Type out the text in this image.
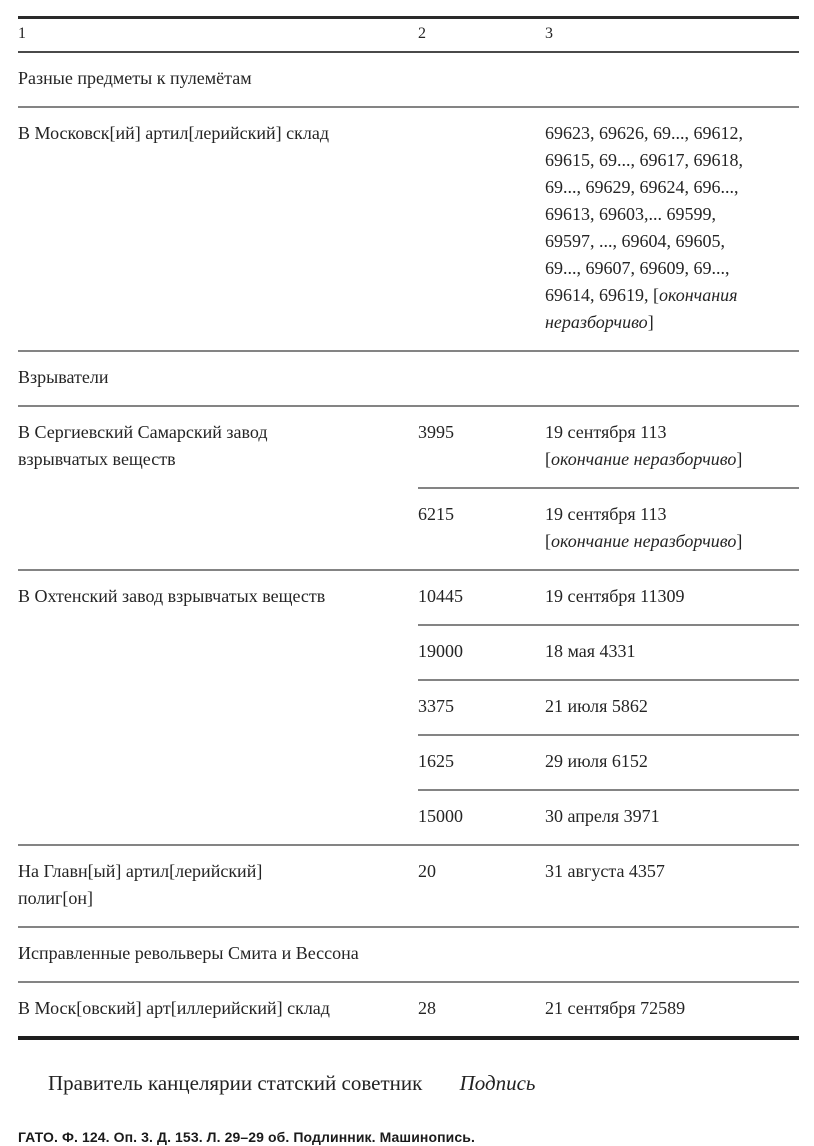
1	2	3
Разные предметы к пулемётам		
В Московск[ий] артил[лерийский] склад		69623, 69626, 69..., 69612,
69615, 69..., 69617, 69618,
69..., 69629, 69624, 696...,
69613, 69603,... 69599,
69597, ..., 69604, 69605,
69..., 69607, 69609, 69...,
69614, 69619, [окончания неразборчиво]
Взрыватели		
В Сергиевский Самарский завод
взрывчатых веществ	3995	19 сентября 113
[окончание неразборчиво]
	6215	19 сентября 113
[окончание неразборчиво]
В Охтенский завод взрывчатых веществ	10445	19 сентября 11309
	19000	18 мая 4331
	3375	21 июля 5862
	1625	29 июля 6152
	15000	30 апреля 3971
На Главн[ый] артил[лерийский]
полиг[он]	20	31 августа 4357
Исправленные револьверы Смита и Вессона		
В Моск[овский] арт[иллерийский] склад	28	21 сентября 72589

Правитель канцелярии статский советник Подпись

ГАТО. Ф. 124. Оп. 3. Д. 153. Л. 29–29 об. Подлинник. Машинопись.
